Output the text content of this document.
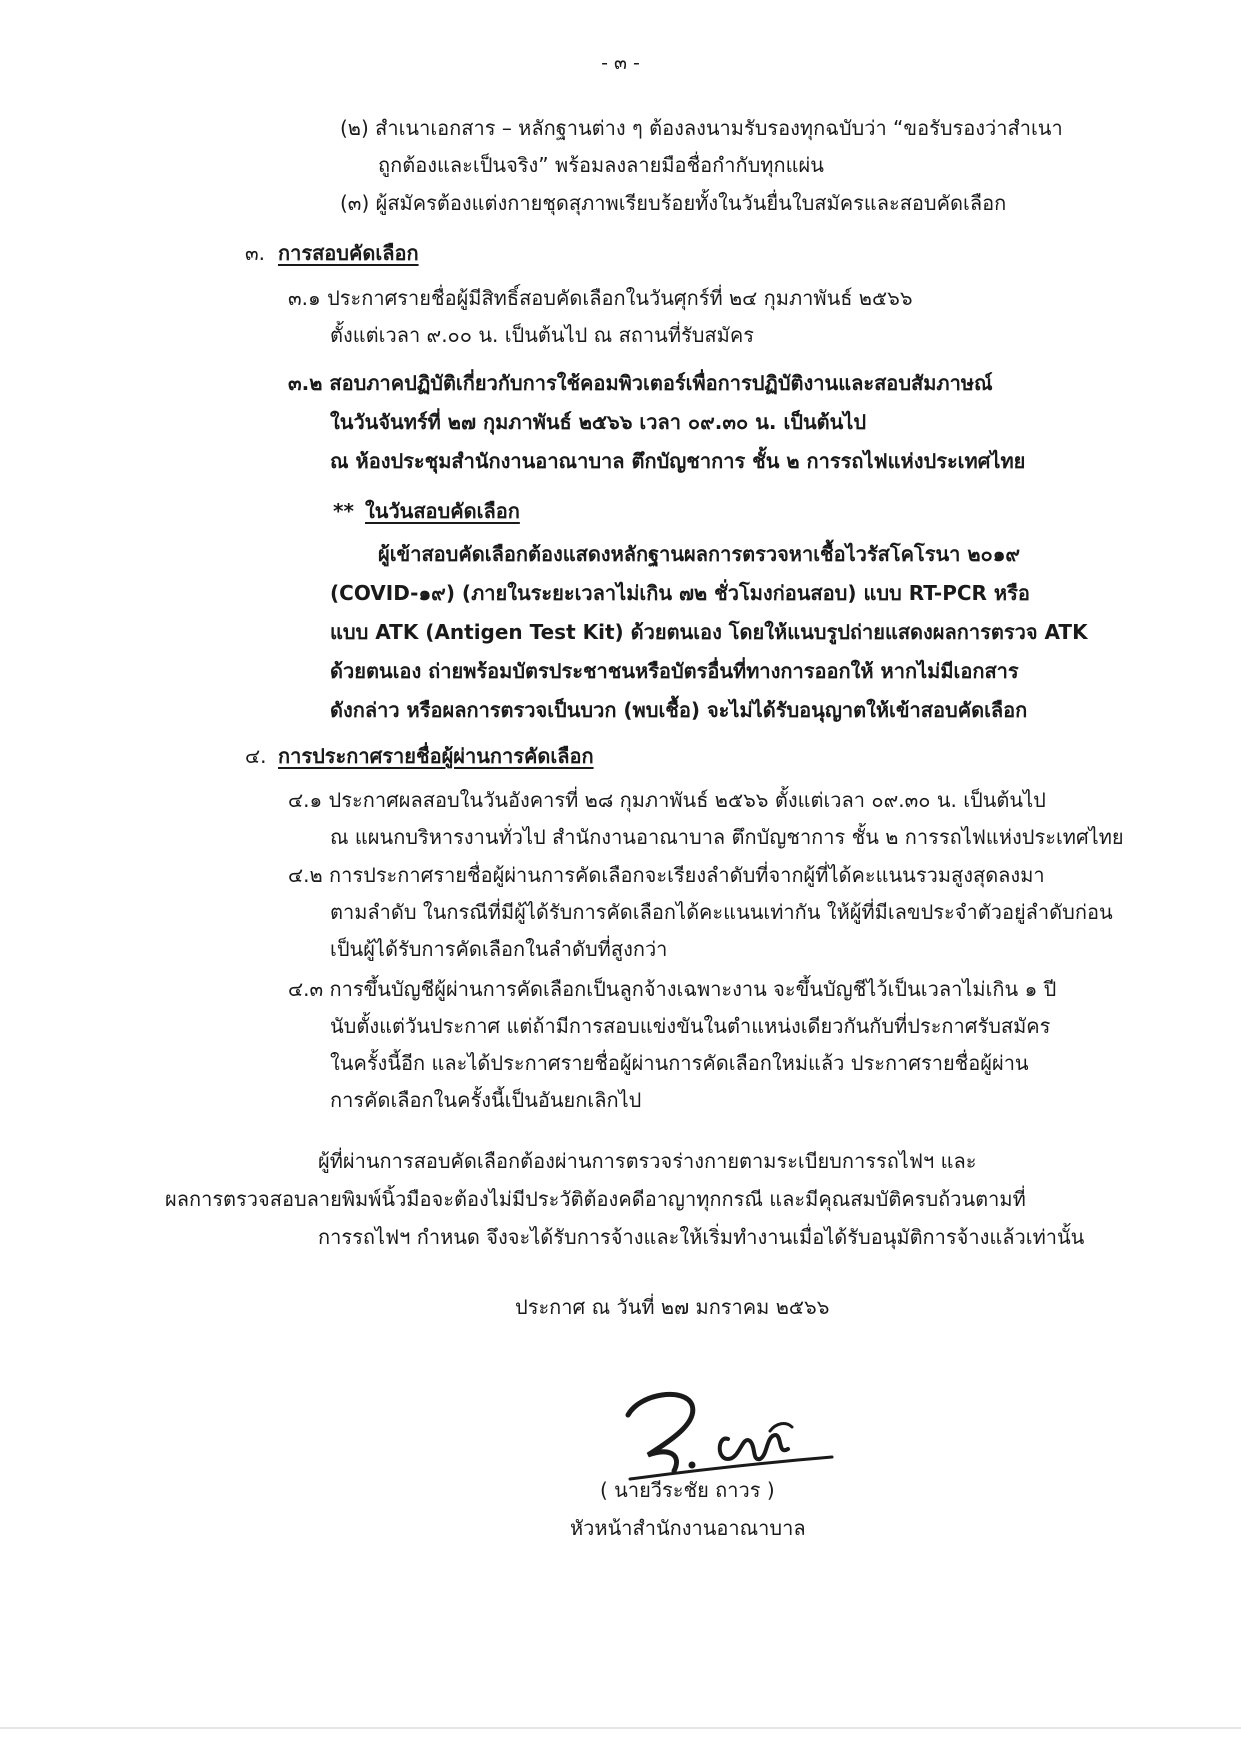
- ๓ -
(๒) สำเนาเอกสาร – หลักฐานต่าง ๆ ต้องลงนามรับรองทุกฉบับว่า “ขอรับรองว่าสำเนา
ถูกต้องและเป็นจริง” พร้อมลงลายมือชื่อกำกับทุกแผ่น
(๓) ผู้สมัครต้องแต่งกายชุดสุภาพเรียบร้อยทั้งในวันยื่นใบสมัครและสอบคัดเลือก
๓. การสอบคัดเลือก
๓.๑ ประกาศรายชื่อผู้มีสิทธิ์สอบคัดเลือกในวันศุกร์ที่ ๒๔ กุมภาพันธ์ ๒๕๖๖
ตั้งแต่เวลา ๙.๐๐ น. เป็นต้นไป ณ สถานที่รับสมัคร
๓.๒ สอบภาคปฏิบัติเกี่ยวกับการใช้คอมพิวเตอร์เพื่อการปฏิบัติงานและสอบสัมภาษณ์
ในวันจันทร์ที่ ๒๗ กุมภาพันธ์ ๒๕๖๖ เวลา ๐๙.๓๐ น. เป็นต้นไป
ณ ห้องประชุมสำนักงานอาณาบาล ตึกบัญชาการ ชั้น ๒ การรถไฟแห่งประเทศไทย
** ในวันสอบคัดเลือก
ผู้เข้าสอบคัดเลือกต้องแสดงหลักฐานผลการตรวจหาเชื้อไวรัสโคโรนา ๒๐๑๙
(COVID-๑๙) (ภายในระยะเวลาไม่เกิน ๗๒ ชั่วโมงก่อนสอบ) แบบ RT-PCR หรือ
แบบ ATK (Antigen Test Kit) ด้วยตนเอง โดยให้แนบรูปถ่ายแสดงผลการตรวจ ATK
ด้วยตนเอง ถ่ายพร้อมบัตรประชาชนหรือบัตรอื่นที่ทางการออกให้ หากไม่มีเอกสาร
ดังกล่าว หรือผลการตรวจเป็นบวก (พบเชื้อ) จะไม่ได้รับอนุญาตให้เข้าสอบคัดเลือก
๔. การประกาศรายชื่อผู้ผ่านการคัดเลือก
๔.๑ ประกาศผลสอบในวันอังคารที่ ๒๘ กุมภาพันธ์ ๒๕๖๖ ตั้งแต่เวลา ๐๙.๓๐ น. เป็นต้นไป
ณ แผนกบริหารงานทั่วไป สำนักงานอาณาบาล ตึกบัญชาการ ชั้น ๒ การรถไฟแห่งประเทศไทย
๔.๒ การประกาศรายชื่อผู้ผ่านการคัดเลือกจะเรียงลำดับที่จากผู้ที่ได้คะแนนรวมสูงสุดลงมา
ตามลำดับ ในกรณีที่มีผู้ได้รับการคัดเลือกได้คะแนนเท่ากัน ให้ผู้ที่มีเลขประจำตัวอยู่ลำดับก่อน
เป็นผู้ได้รับการคัดเลือกในลำดับที่สูงกว่า
๔.๓ การขึ้นบัญชีผู้ผ่านการคัดเลือกเป็นลูกจ้างเฉพาะงาน จะขึ้นบัญชีไว้เป็นเวลาไม่เกิน ๑ ปี
นับตั้งแต่วันประกาศ แต่ถ้ามีการสอบแข่งขันในตำแหน่งเดียวกันกับที่ประกาศรับสมัคร
ในครั้งนี้อีก และได้ประกาศรายชื่อผู้ผ่านการคัดเลือกใหม่แล้ว ประกาศรายชื่อผู้ผ่าน
การคัดเลือกในครั้งนี้เป็นอันยกเลิกไป
ผู้ที่ผ่านการสอบคัดเลือกต้องผ่านการตรวจร่างกายตามระเบียบการรถไฟฯ และ
ผลการตรวจสอบลายพิมพ์นิ้วมือจะต้องไม่มีประวัติต้องคดีอาญาทุกกรณี และมีคุณสมบัติครบถ้วนตามที่
การรถไฟฯ กำหนด จึงจะได้รับการจ้างและให้เริ่มทำงานเมื่อได้รับอนุมัติการจ้างแล้วเท่านั้น
ประกาศ ณ วันที่ ๒๗ มกราคม ๒๕๖๖
( นายวีระชัย ถาวร )
หัวหน้าสำนักงานอาณาบาล
